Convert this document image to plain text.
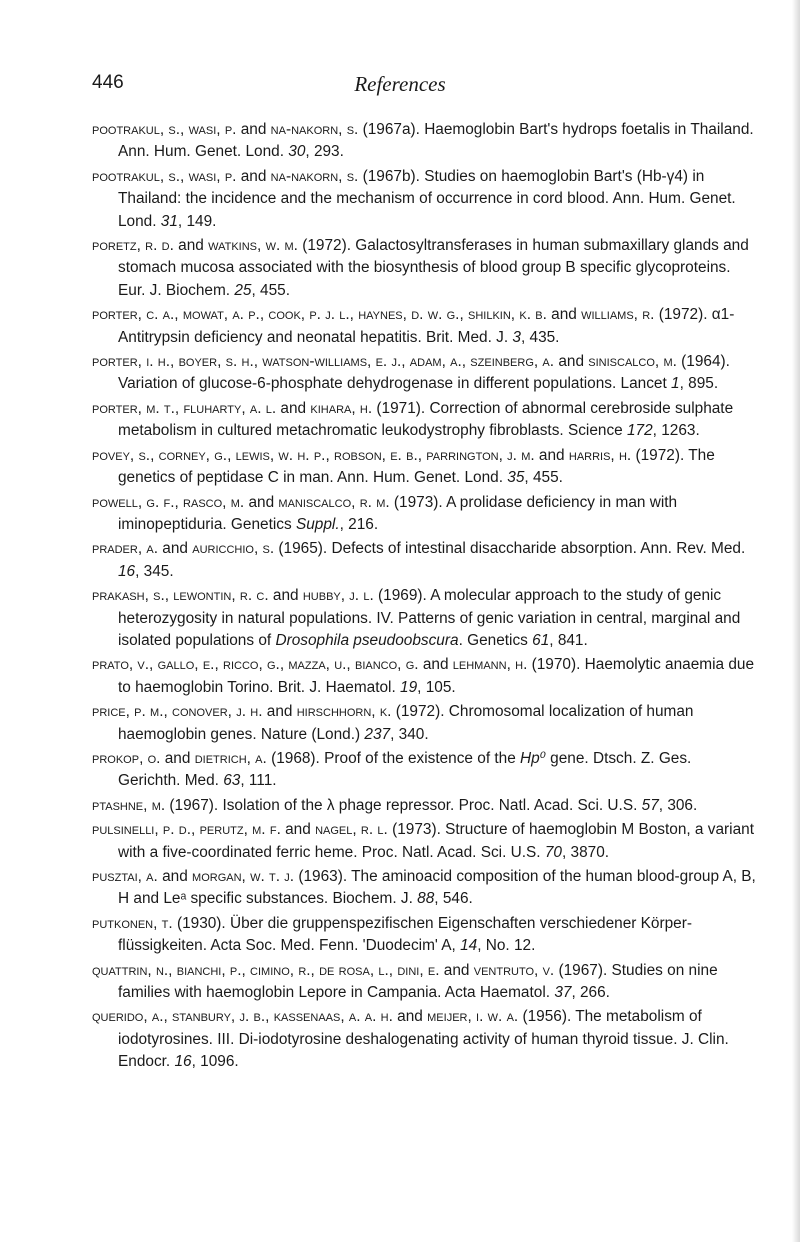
446	References

pootrakul, s., wasi, p. and na-nakorn, s. (1967a). Haemoglobin Bart's hydrops foetalis in Thailand. Ann. Hum. Genet. Lond. 30, 293.

pootrakul, s., wasi, p. and na-nakorn, s. (1967b). Studies on haemoglobin Bart's (Hb-γ4) in Thailand: the incidence and the mechanism of occurrence in cord blood. Ann. Hum. Genet. Lond. 31, 149.

poretz, r. d. and watkins, w. m. (1972). Galactosyltransferases in human submaxillary glands and stomach mucosa associated with the biosynthesis of blood group B specific glycoproteins. Eur. J. Biochem. 25, 455.

porter, c. a., mowat, a. p., cook, p. j. l., haynes, d. w. g., shilkin, k. b. and williams, r. (1972). α1-Antitrypsin deficiency and neonatal hepatitis. Brit. Med. J. 3, 435.

porter, i. h., boyer, s. h., watson-williams, e. j., adam, a., szeinberg, a. and siniscalco, m. (1964). Variation of glucose-6-phosphate dehydrogenase in different populations. Lancet 1, 895.

porter, m. t., fluharty, a. l. and kihara, h. (1971). Correction of abnormal cerebroside sulphate metabolism in cultured metachromatic leukodystrophy fibroblasts. Science 172, 1263.

povey, s., corney, g., lewis, w. h. p., robson, e. b., parrington, j. m. and harris, h. (1972). The genetics of peptidase C in man. Ann. Hum. Genet. Lond. 35, 455.

powell, g. f., rasco, m. and maniscalco, r. m. (1973). A prolidase deficiency in man with iminopeptiduria. Genetics Suppl., 216.

prader, a. and auricchio, s. (1965). Defects of intestinal disaccharide absorption. Ann. Rev. Med. 16, 345.

prakash, s., lewontin, r. c. and hubby, j. l. (1969). A molecular approach to the study of genic heterozygosity in natural populations. IV. Patterns of genic variation in central, marginal and isolated populations of Drosophila pseudoobscura. Genetics 61, 841.

prato, v., gallo, e., ricco, g., mazza, u., bianco, g. and lehmann, h. (1970). Haemolytic anaemia due to haemoglobin Torino. Brit. J. Haematol. 19, 105.

price, p. m., conover, j. h. and hirschhorn, k. (1972). Chromosomal localization of human haemoglobin genes. Nature (Lond.) 237, 340.

prokop, o. and dietrich, a. (1968). Proof of the existence of the Hp⁰ gene. Dtsch. Z. Ges. Gerichth. Med. 63, 111.

ptashne, m. (1967). Isolation of the λ phage repressor. Proc. Natl. Acad. Sci. U.S. 57, 306.

pulsinelli, p. d., perutz, m. f. and nagel, r. l. (1973). Structure of haemoglobin M Boston, a variant with a five-coordinated ferric heme. Proc. Natl. Acad. Sci. U.S. 70, 3870.

pusztai, a. and morgan, w. t. j. (1963). The aminoacid composition of the human blood-group A, B, H and Leᵃ specific substances. Biochem. J. 88, 546.

putkonen, t. (1930). Über die gruppenspezifischen Eigenschaften verschiedener Körper-flüssigkeiten. Acta Soc. Med. Fenn. 'Duodecim' A, 14, No. 12.

quattrin, n., bianchi, p., cimino, r., de rosa, l., dini, e. and ventruto, v. (1967). Studies on nine families with haemoglobin Lepore in Campania. Acta Haematol. 37, 266.

querido, a., stanbury, j. b., kassenaas, a. a. h. and meijer, i. w. a. (1956). The metabolism of iodotyrosines. III. Di-iodotyrosine deshalogenating activity of human thyroid tissue. J. Clin. Endocr. 16, 1096.
